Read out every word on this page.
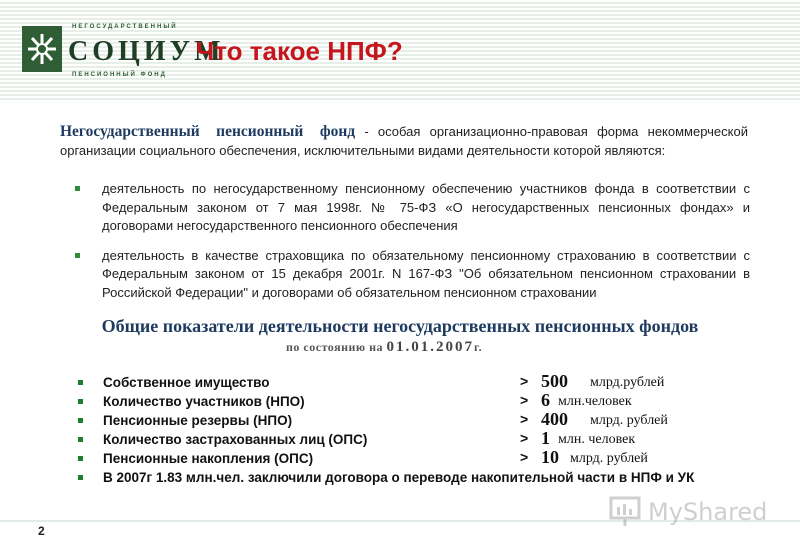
НЕГОСУДАРСТВЕННЫЙ
СОЦИУМ
ПЕНСИОННЫЙ ФОНД
Что такое НПФ?
Негосударственный пенсионный фонд - особая организационно-правовая форма некоммерческой организации социального обеспечения, исключительными видами деятельности которой являются:
деятельность по негосударственному пенсионному обеспечению участников фонда в соответствии с Федеральным законом от 7 мая 1998г. № 75-ФЗ «О негосударственных пенсионных фондах» и договорами негосударственного пенсионного обеспечения
деятельность в качестве страховщика по обязательному пенсионному страхованию в соответствии с Федеральным законом от 15 декабря 2001г. N 167-ФЗ "Об обязательном пенсионном страховании в Российской Федерации" и договорами об обязательном пенсионном страховании
Общие показатели деятельности негосударственных пенсионных фондов
по состоянию на 01.01.2007г.
Собственное имущество	˃ 500 млрд.рублей
Количество участников (НПО)	˃ 6 млн.человек
Пенсионные резервы (НПО)	˃ 400 млрд. рублей
Количество застрахованных лиц (ОПС)	˃ 1 млн. человек
Пенсионные накопления (ОПС)	˃ 10 млрд. рублей
В 2007г 1.83 млн.чел. заключили договора о переводе накопительной части в НПФ и УК
2
MyShared
